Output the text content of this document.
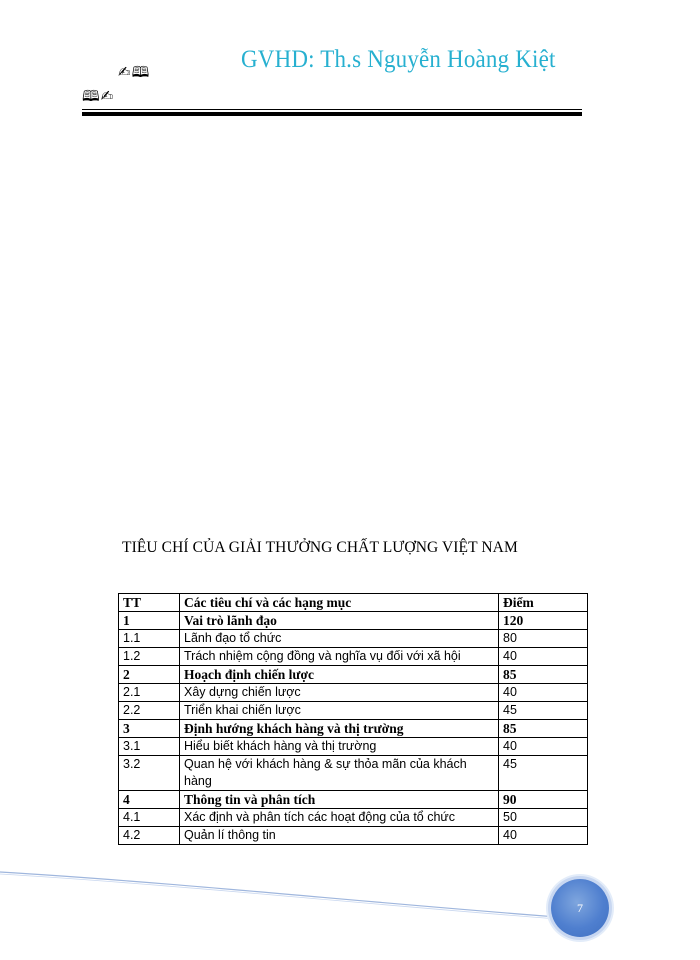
✍🕮
🕮✍
GVHD: Th.s Nguyễn Hoàng Kiệt
TIÊU CHÍ CỦA GIẢI THƯỞNG CHẤT LƯỢNG VIỆT NAM
TT	Các tiêu chí và các hạng mục	Điểm
1	Vai trò lãnh đạo	120
1.1	Lãnh đạo tổ chức	80
1.2	Trách nhiệm cộng đồng và nghĩa vụ đối với xã hội	40
2	Hoạch định chiến lược	85
2.1	Xây dựng chiến lược	40
2.2	Triển khai chiến lược	45
3	Định hướng khách hàng và thị trường	85
3.1	Hiểu biết khách hàng và thị trường	40
3.2	Quan hệ với khách hàng & sự thỏa mãn của khách hàng	45
4	Thông tin và phân tích	90
4.1	Xác định và phân tích các hoạt động của tổ chức	50
4.2	Quản lí thông tin	40
7
